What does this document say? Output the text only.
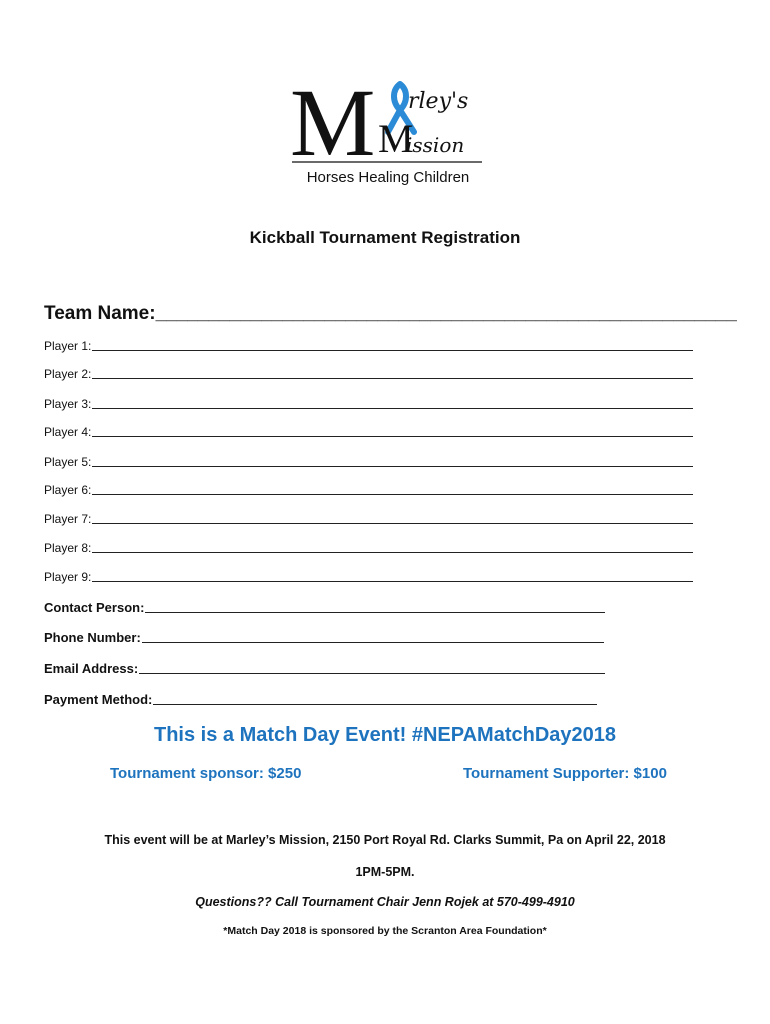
M rley's
M
ission
Horses Healing Children
Kickball Tournament Registration
Team Name:_______________________________________________________
Player 1:
Player 2:
Player 3:
Player 4:
Player 5:
Player 6:
Player 7:
Player 8:
Player 9:
Contact Person:
Phone Number:
Email Address:
Payment Method:
This is a Match Day Event! #NEPAMatchDay2018
Tournament sponsor: $250	Tournament Supporter: $100
This event will be at Marley’s Mission, 2150 Port Royal Rd. Clarks Summit, Pa on April 22, 2018
1PM-5PM.
Questions?? Call Tournament Chair Jenn Rojek at 570-499-4910
*Match Day 2018 is sponsored by the Scranton Area Foundation*
